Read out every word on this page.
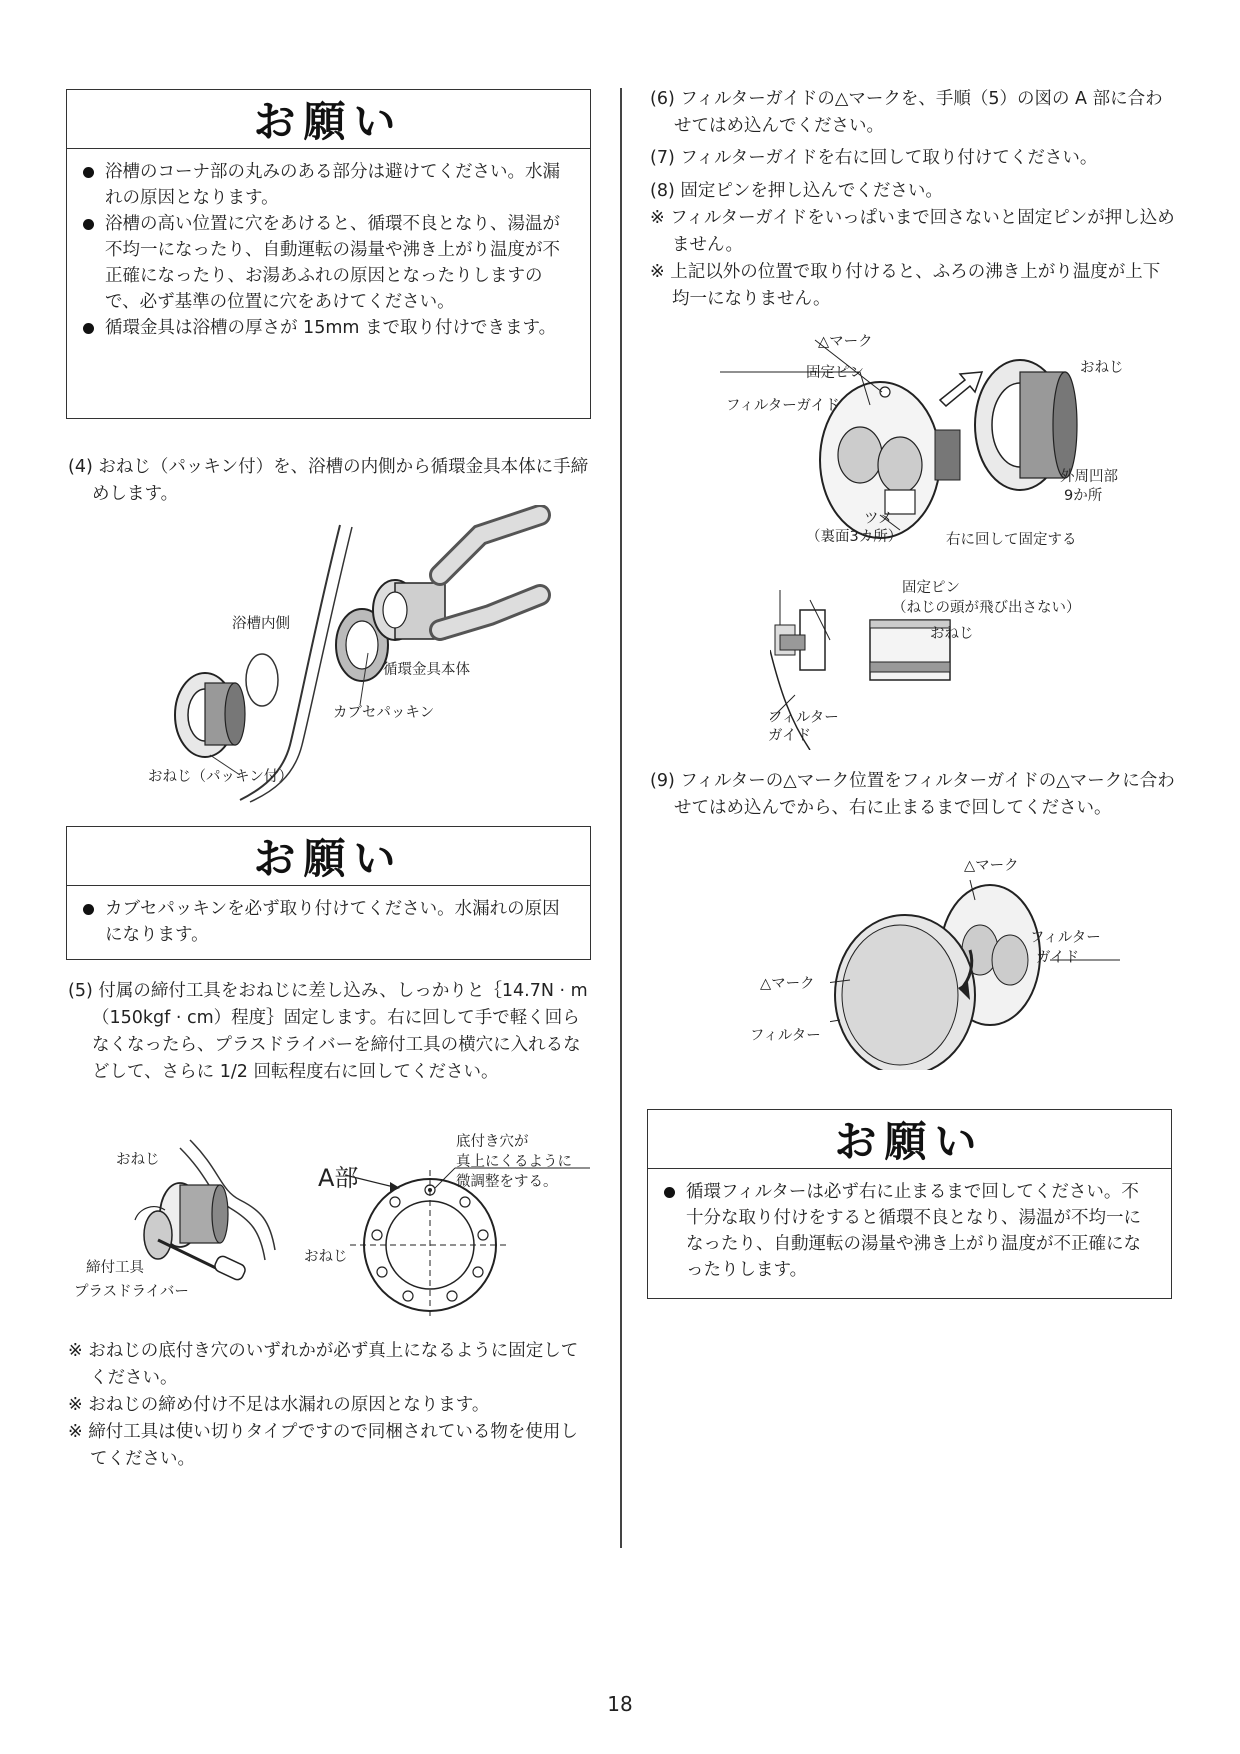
お願い
浴槽のコーナ部の丸みのある部分は避けてください。水漏れの原因となります。
浴槽の高い位置に穴をあけると、循環不良となり、湯温が不均一になったり、自動運転の湯量や沸き上がり温度が不正確になったり、お湯あふれの原因となったりしますので、必ず基準の位置に穴をあけてください。
循環金具は浴槽の厚さが 15mm まで取り付けできます。
(4) おねじ（パッキン付）を、浴槽の内側から循環金具本体に手締めします。
浴槽内側
循環金具本体
カブセパッキン
おねじ（パッキン付）
お願い
カブセパッキンを必ず取り付けてください。水漏れの原因になります。
(5) 付属の締付工具をおねじに差し込み、しっかりと｛14.7N · m（150kgf · cm）程度｝固定します。右に回して手で軽く回らなくなったら、プラスドライバーを締付工具の横穴に入れるなどして、さらに 1/2 回転程度右に回してください。
おねじ
締付工具
プラスドライバー
A部
おねじ
底付き穴が
真上にくるように
微調整をする。
※ おねじの底付き穴のいずれかが必ず真上になるように固定してください。
※ おねじの締め付け不足は水漏れの原因となります。
※ 締付工具は使い切りタイプですので同梱されている物を使用してください。
(6) フィルターガイドの△マークを、手順（5）の図の A 部に合わせてはめ込んでください。
(7) フィルターガイドを右に回して取り付けてください。
(8) 固定ピンを押し込んでください。
※ フィルターガイドをいっぱいまで回さないと固定ピンが押し込めません。
※ 上記以外の位置で取り付けると、ふろの沸き上がり温度が上下均一になりません。
△マーク
固定ピン
フィルターガイド
おねじ
外周凹部
9か所
ツメ
（裏面3カ所）	右に回して固定する
固定ピン
（ねじの頭が飛び出さない）
おねじ
フィルター
ガイド
(9) フィルターの△マーク位置をフィルターガイドの△マークに合わせてはめ込んでから、右に止まるまで回してください。
△マーク
フィルター
ガイド
△マーク
フィルター
お願い
循環フィルターは必ず右に止まるまで回してください。不十分な取り付けをすると循環不良となり、湯温が不均一になったり、自動運転の湯量や沸き上がり温度が不正確になったりします。
18
